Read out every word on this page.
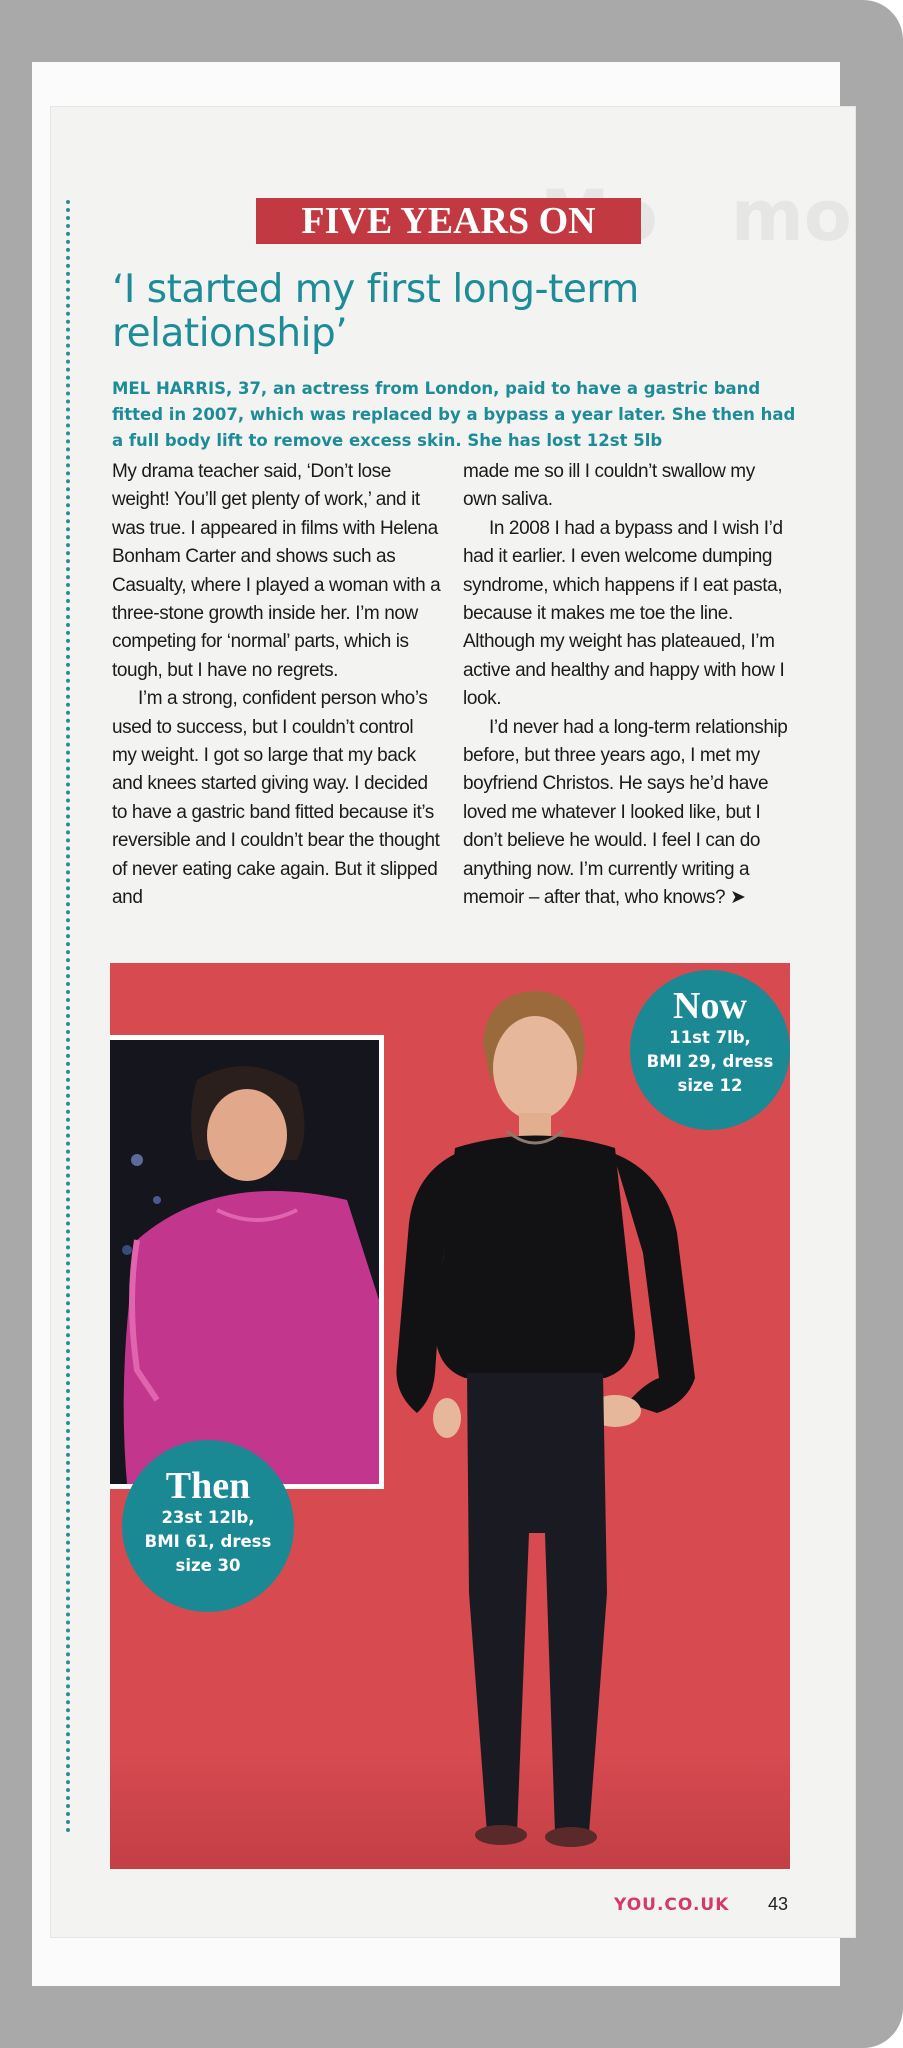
FIVE YEARS ON
‘I started my first long-term relationship’
MEL HARRIS, 37, an actress from London, paid to have a gastric band fitted in 2007, which was replaced by a bypass a year later. She then had a full body lift to remove excess skin. She has lost 12st 5lb

My drama teacher said, ‘Don’t lose weight! You’ll get plenty of work,’ and it was true. I appeared in films with Helena Bonham Carter and shows such as Casualty, where I played a woman with a three-stone growth inside her. I’m now competing for ‘normal’ parts, which is tough, but I have no regrets.

I’m a strong, confident person who’s used to success, but I couldn’t control my weight. I got so large that my back and knees started giving way. I decided to have a gastric band fitted because it’s reversible and I couldn’t bear the thought of never eating cake again. But it slipped and

made me so ill I couldn’t swallow my own saliva.

In 2008 I had a bypass and I wish I’d had it earlier. I even welcome dumping syndrome, which happens if I eat pasta, because it makes me toe the line. Although my weight has plateaued, I’m active and healthy and happy with how I look.

I’d never had a long-term relationship before, but three years ago, I met my boyfriend Christos. He says he’d have loved me whatever I looked like, but I don’t believe he would. I feel I can do anything now. I’m currently writing a memoir – after that, who knows? ➤

Now
11st 7lb,
BMI 29, dress
size 12
Then
23st 12lb,
BMI 61, dress
size 30
YOU.CO.UK 43
